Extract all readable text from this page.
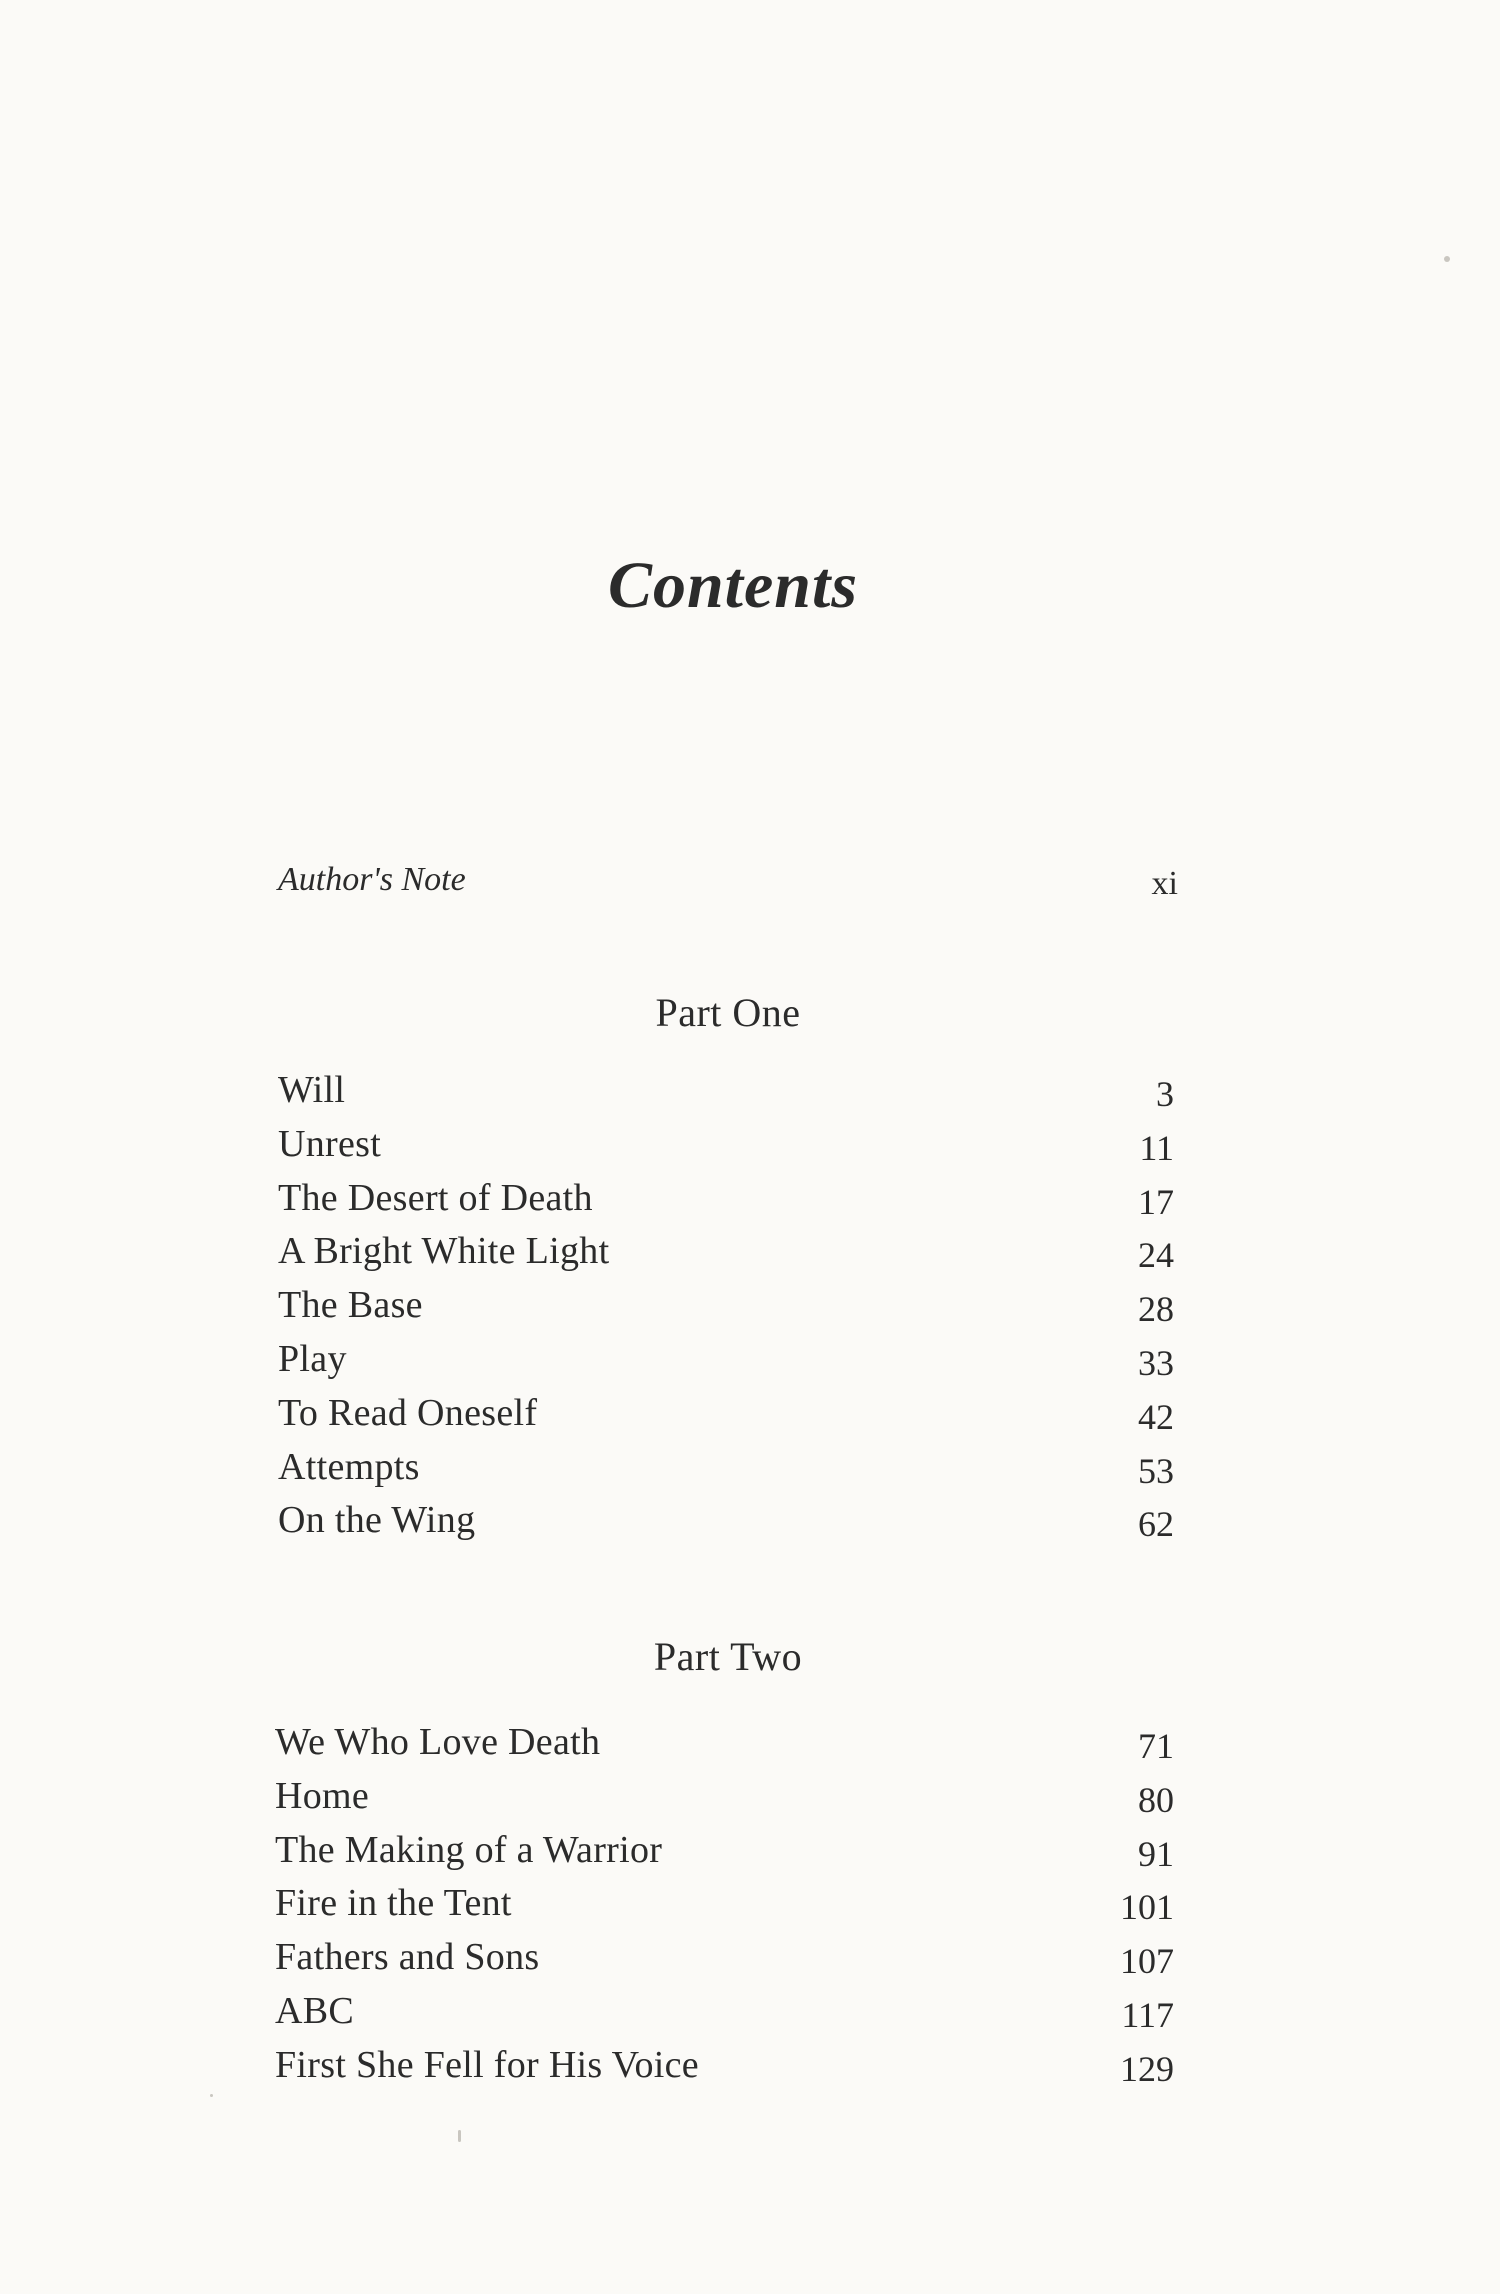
Contents
Author's Note	xi
Part One
Will	3
Unrest	11
The Desert of Death	17
A Bright White Light	24
The Base	28
Play	33
To Read Oneself	42
Attempts	53
On the Wing	62
Part Two
We Who Love Death	71
Home	80
The Making of a Warrior	91
Fire in the Tent	101
Fathers and Sons	107
ABC	117
First She Fell for His Voice	129
